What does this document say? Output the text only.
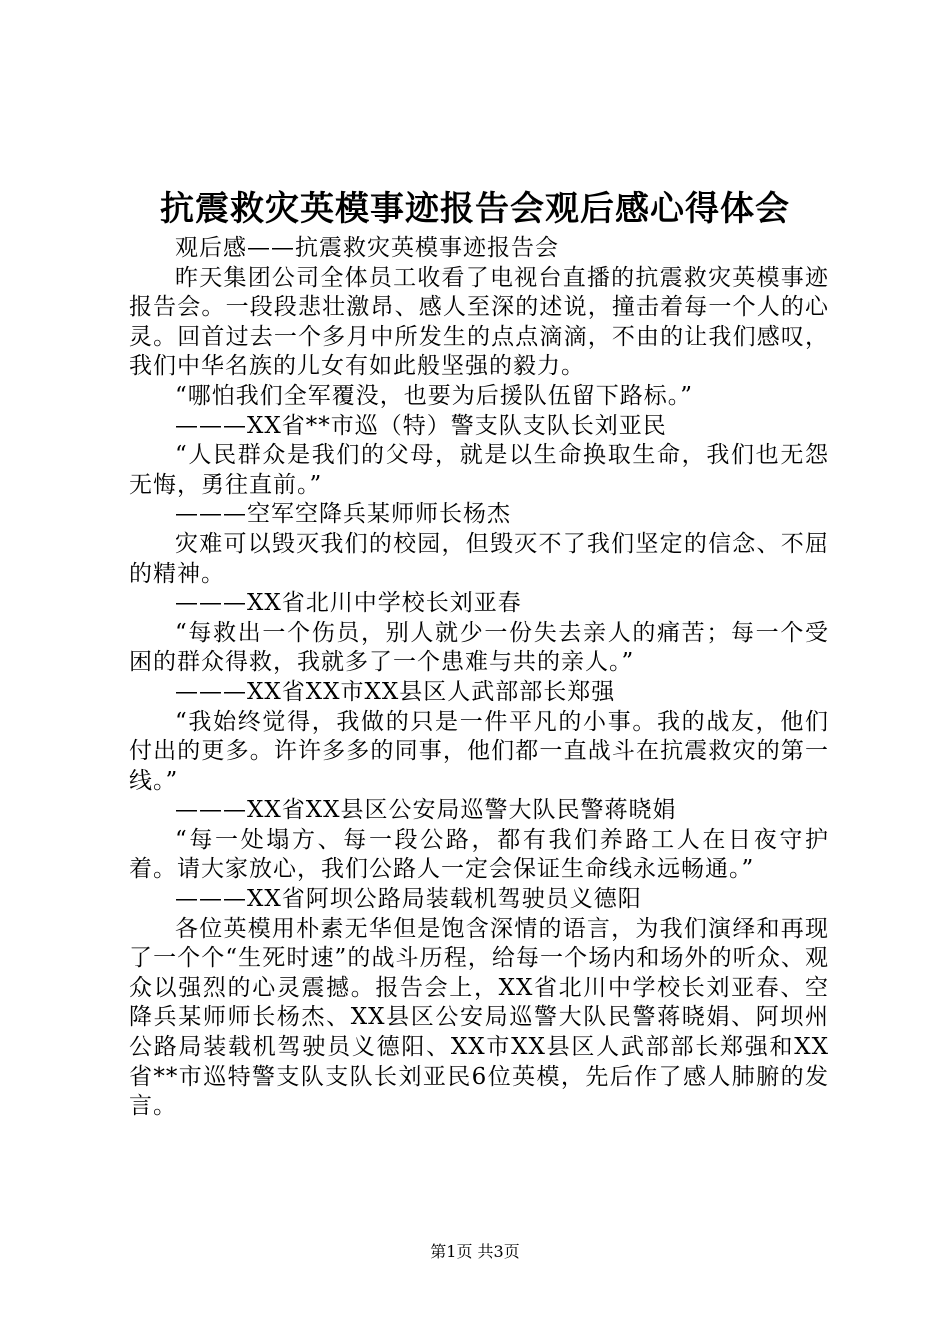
抗震救灾英模事迹报告会观后感心得体会

观后感——抗震救灾英模事迹报告会

昨天集团公司全体员工收看了电视台直播的抗震救灾英模事迹报告会。一段段悲壮激昂、感人至深的述说，撞击着每一个人的心灵。回首过去一个多月中所发生的点点滴滴，不由的让我们感叹，我们中华名族的儿女有如此般坚强的毅力。

“哪怕我们全军覆没，也要为后援队伍留下路标。”

———XX省**市巡（特）警支队支队长刘亚民

“人民群众是我们的父母，就是以生命换取生命，我们也无怨无悔，勇往直前。”

———空军空降兵某师师长杨杰

灾难可以毁灭我们的校园，但毁灭不了我们坚定的信念、不屈的精神。

———XX省北川中学校长刘亚春

“每救出一个伤员，别人就少一份失去亲人的痛苦；每一个受困的群众得救，我就多了一个患难与共的亲人。”

———XX省XX市XX县区人武部部长郑强

“我始终觉得，我做的只是一件平凡的小事。我的战友，他们付出的更多。许许多多的同事，他们都一直战斗在抗震救灾的第一线。”

———XX省XX县区公安局巡警大队民警蒋晓娟

“每一处塌方、每一段公路，都有我们养路工人在日夜守护着。请大家放心，我们公路人一定会保证生命线永远畅通。”

———XX省阿坝公路局装载机驾驶员义德阳

各位英模用朴素无华但是饱含深情的语言，为我们演绎和再现了一个个“生死时速”的战斗历程，给每一个场内和场外的听众、观众以强烈的心灵震撼。报告会上，XX省北川中学校长刘亚春、空降兵某师师长杨杰、XX县区公安局巡警大队民警蒋晓娟、阿坝州公路局装载机驾驶员义德阳、XX市XX县区人武部部长郑强和XX省**市巡特警支队支队长刘亚民6位英模，先后作了感人肺腑的发言。

第1页 共3页
